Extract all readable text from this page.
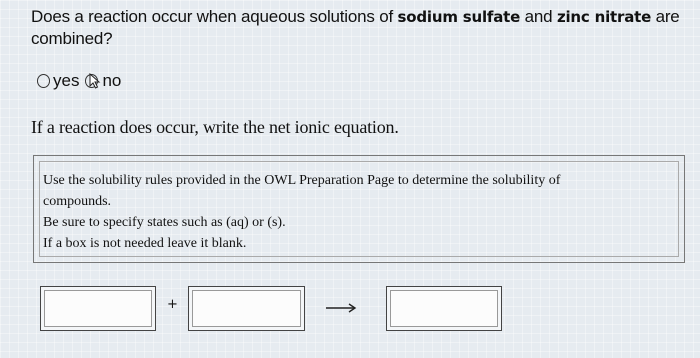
Does a reaction occur when aqueous solutions of sodium sulfate and zinc nitrate are combined?
yes no
If a reaction does occur, write the net ionic equation.
Use the solubility rules provided in the OWL Preparation Page to determine the solubility of
compounds.
Be sure to specify states such as (aq) or (s).
If a box is not needed leave it blank.
+
